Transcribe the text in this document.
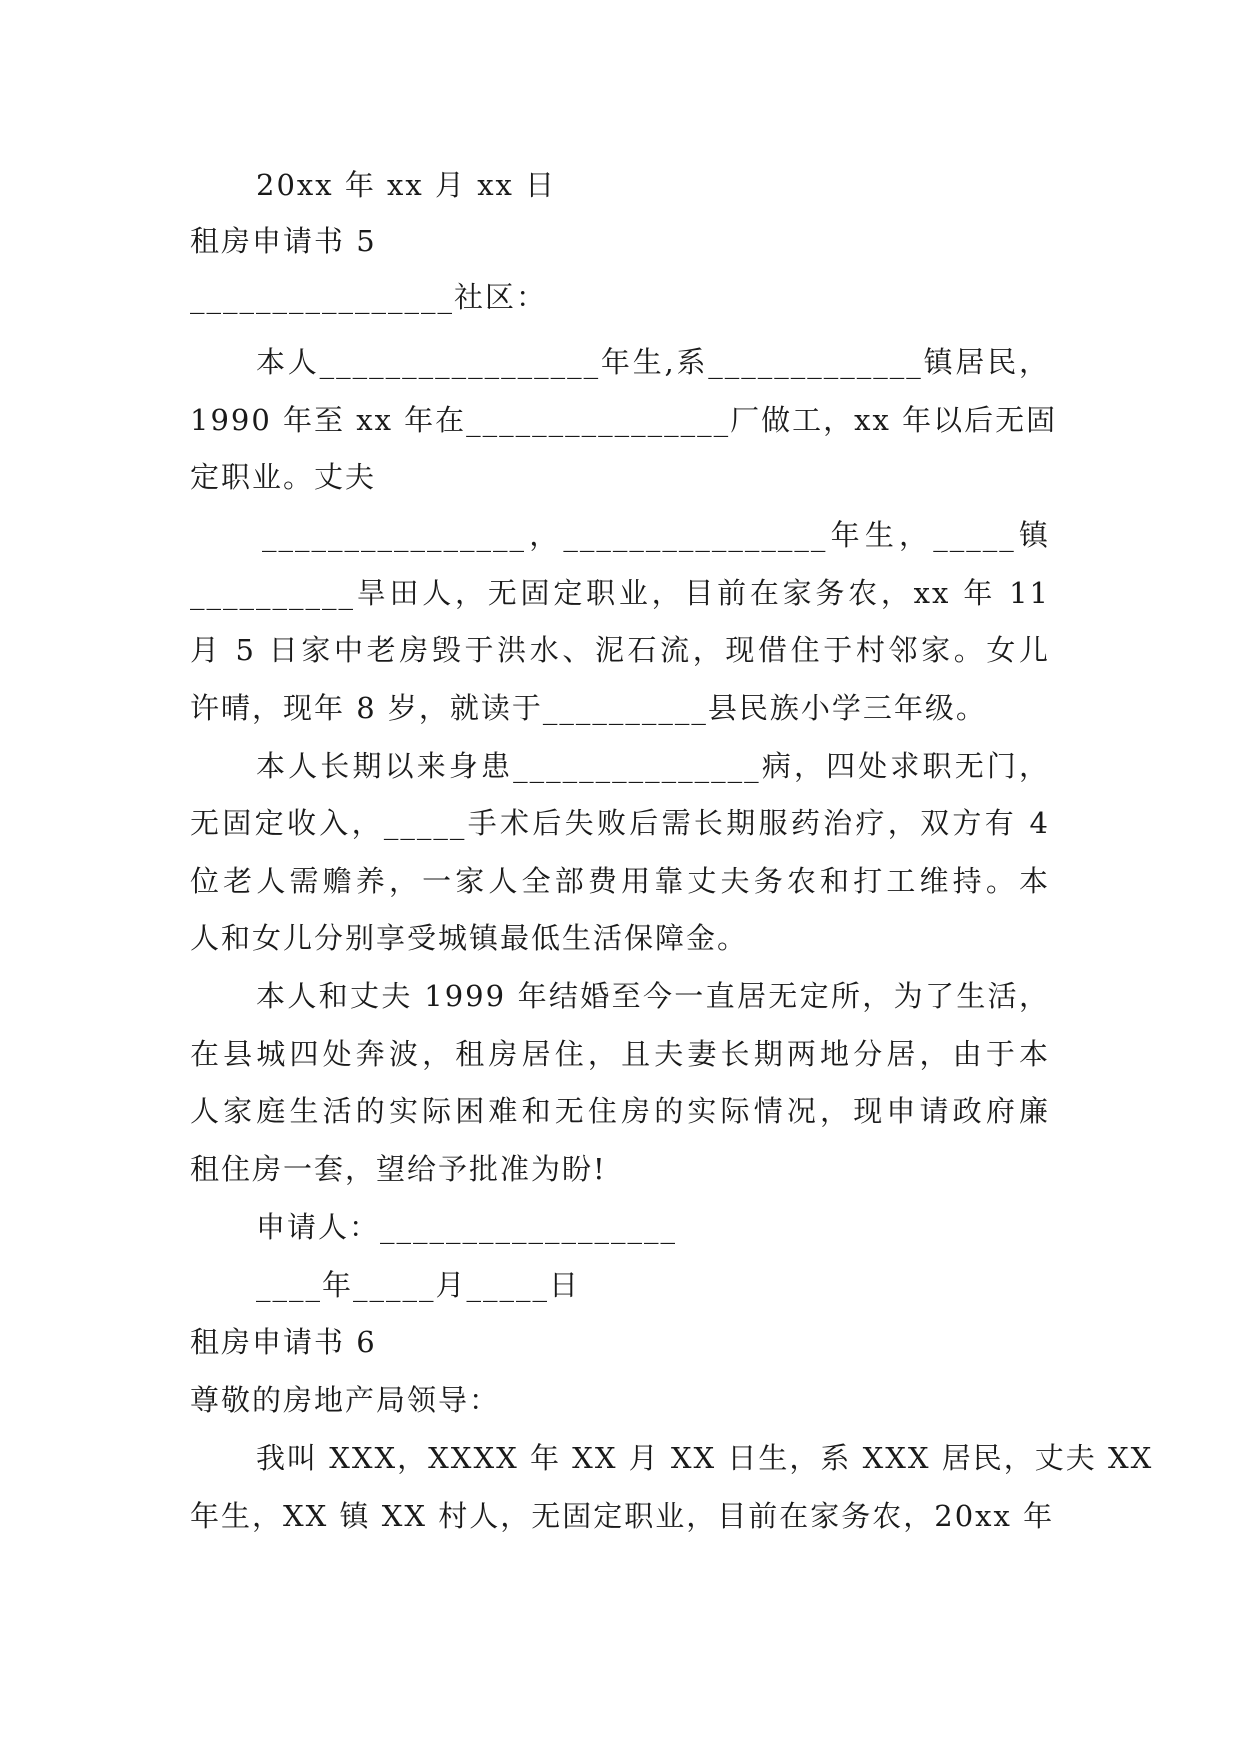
20xx 年 xx 月 xx 日
租房申请书 5
________________社区：
本人_________________年生,系_____________镇居民，
1990 年至 xx 年在________________厂做工，xx 年以后无固
定职业。丈夫
________________，________________年生，_____镇
__________旱田人，无固定职业，目前在家务农，xx 年 11
月 5 日家中老房毁于洪水、泥石流，现借住于村邻家。女儿
许晴，现年 8 岁，就读于__________县民族小学三年级。
本人长期以来身患_______________病，四处求职无门，
无固定收入，_____手术后失败后需长期服药治疗，双方有 4
位老人需赡养，一家人全部费用靠丈夫务农和打工维持。本
人和女儿分别享受城镇最低生活保障金。
本人和丈夫 1999 年结婚至今一直居无定所，为了生活，
在县城四处奔波，租房居住，且夫妻长期两地分居，由于本
人家庭生活的实际困难和无住房的实际情况，现申请政府廉
租住房一套，望给予批准为盼!
申请人：__________________
____年_____月_____日
租房申请书 6
尊敬的房地产局领导：
我叫 XXX，XXXX 年 XX 月 XX 日生，系 XXX 居民，丈夫 XX
年生，XX 镇 XX 村人，无固定职业，目前在家务农，20xx 年
